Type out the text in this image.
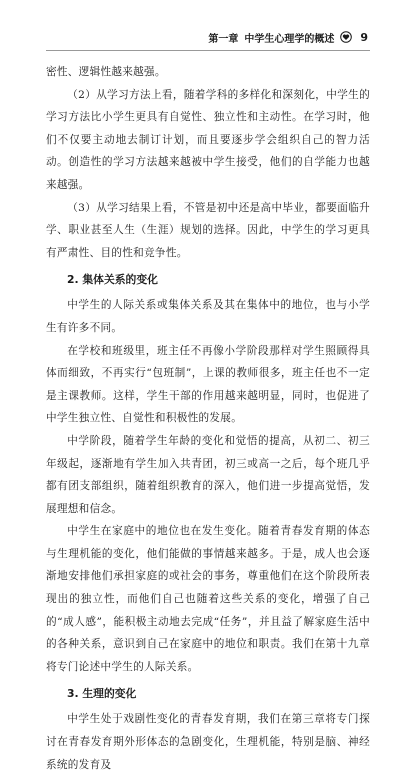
第一章 中学生心理学的概述 9

密性、逻辑性越来越强。

（2）从学习方法上看，随着学科的多样化和深刻化，中学生的学习方法比小学生更具有自觉性、独立性和主动性。在学习时，他们不仅要主动地去制订计划，而且要逐步学会组织自己的智力活动。创造性的学习方法越来越被中学生接受，他们的自学能力也越来越强。

（3）从学习结果上看，不管是初中还是高中毕业，都要面临升学、职业甚至人生（生涯）规划的选择。因此，中学生的学习更具有严肃性、目的性和竞争性。

2. 集体关系的变化

中学生的人际关系或集体关系及其在集体中的地位，也与小学生有许多不同。

在学校和班级里，班主任不再像小学阶段那样对学生照顾得具体而细致，不再实行“包班制”，上课的教师很多，班主任也不一定是主课教师。这样，学生干部的作用越来越明显，同时，也促进了中学生独立性、自觉性和积极性的发展。

中学阶段，随着学生年龄的变化和觉悟的提高，从初二、初三年级起，逐渐地有学生加入共青团，初三或高一之后，每个班几乎都有团支部组织，随着组织教育的深入，他们进一步提高觉悟，发展理想和信念。

中学生在家庭中的地位也在发生变化。随着青春发育期的体态与生理机能的变化，他们能做的事情越来越多。于是，成人也会逐渐地安排他们承担家庭的或社会的事务，尊重他们在这个阶段所表现出的独立性，而他们自己也随着这些关系的变化，增强了自己的“成人感”，能积极主动地去完成“任务”，并且益了解家庭生活中的各种关系，意识到自己在家庭中的地位和职责。我们在第十九章将专门论述中学生的人际关系。

3. 生理的变化

中学生处于戏剧性变化的青春发育期，我们在第三章将专门探讨在青春发育期外形体态的急剧变化，生理机能，特别是脑、神经系统的发育及
